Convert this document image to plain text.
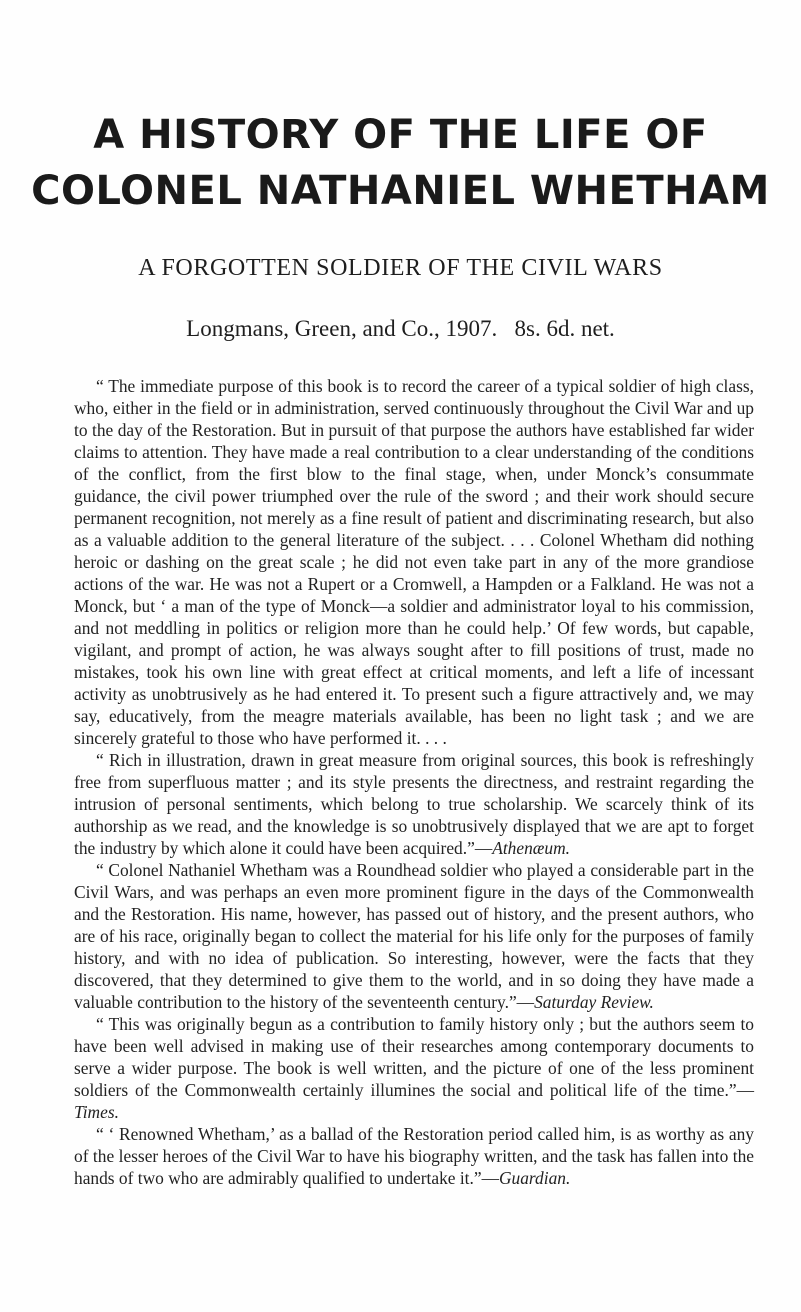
A HISTORY OF THE LIFE OF
COLONEL NATHANIEL WHETHAM
A FORGOTTEN SOLDIER OF THE CIVIL WARS
Longmans, Green, and Co., 1907.   8s. 6d. net.

“ The immediate purpose of this book is to record the career of a typical soldier of high class, who, either in the field or in administration, served continuously throughout the Civil War and up to the day of the Restoration. But in pursuit of that purpose the authors have established far wider claims to attention. They have made a real contribution to a clear understanding of the conditions of the conflict, from the first blow to the final stage, when, under Monck’s consummate guidance, the civil power triumphed over the rule of the sword ; and their work should secure permanent recognition, not merely as a fine result of patient and discriminating research, but also as a valuable addition to the general literature of the subject. . . . Colonel Whetham did nothing heroic or dashing on the great scale ; he did not even take part in any of the more grandiose actions of the war. He was not a Rupert or a Cromwell, a Hampden or a Falkland. He was not a Monck, but ‘ a man of the type of Monck—a soldier and administrator loyal to his commission, and not meddling in politics or religion more than he could help.’ Of few words, but capable, vigilant, and prompt of action, he was always sought after to fill positions of trust, made no mistakes, took his own line with great effect at critical moments, and left a life of incessant activity as unobtrusively as he had entered it. To present such a figure attractively and, we may say, educatively, from the meagre materials available, has been no light task ; and we are sincerely grateful to those who have performed it. . . .

“ Rich in illustration, drawn in great measure from original sources, this book is refreshingly free from superfluous matter ; and its style presents the directness, and restraint regarding the intrusion of personal sentiments, which belong to true scholarship. We scarcely think of its authorship as we read, and the knowledge is so unobtrusively displayed that we are apt to forget the industry by which alone it could have been acquired.”—Athenæum.

“ Colonel Nathaniel Whetham was a Roundhead soldier who played a considerable part in the Civil Wars, and was perhaps an even more prominent figure in the days of the Commonwealth and the Restoration. His name, however, has passed out of history, and the present authors, who are of his race, originally began to collect the material for his life only for the purposes of family history, and with no idea of publication. So interesting, however, were the facts that they discovered, that they determined to give them to the world, and in so doing they have made a valuable contribution to the history of the seventeenth century.”—Saturday Review.

“ This was originally begun as a contribution to family history only ; but the authors seem to have been well advised in making use of their researches among contemporary documents to serve a wider purpose. The book is well written, and the picture of one of the less prominent soldiers of the Commonwealth certainly illumines the social and political life of the time.”—Times.

“ ‘ Renowned Whetham,’ as a ballad of the Restoration period called him, is as worthy as any of the lesser heroes of the Civil War to have his biography written, and the task has fallen into the hands of two who are admirably qualified to undertake it.”—Guardian.
